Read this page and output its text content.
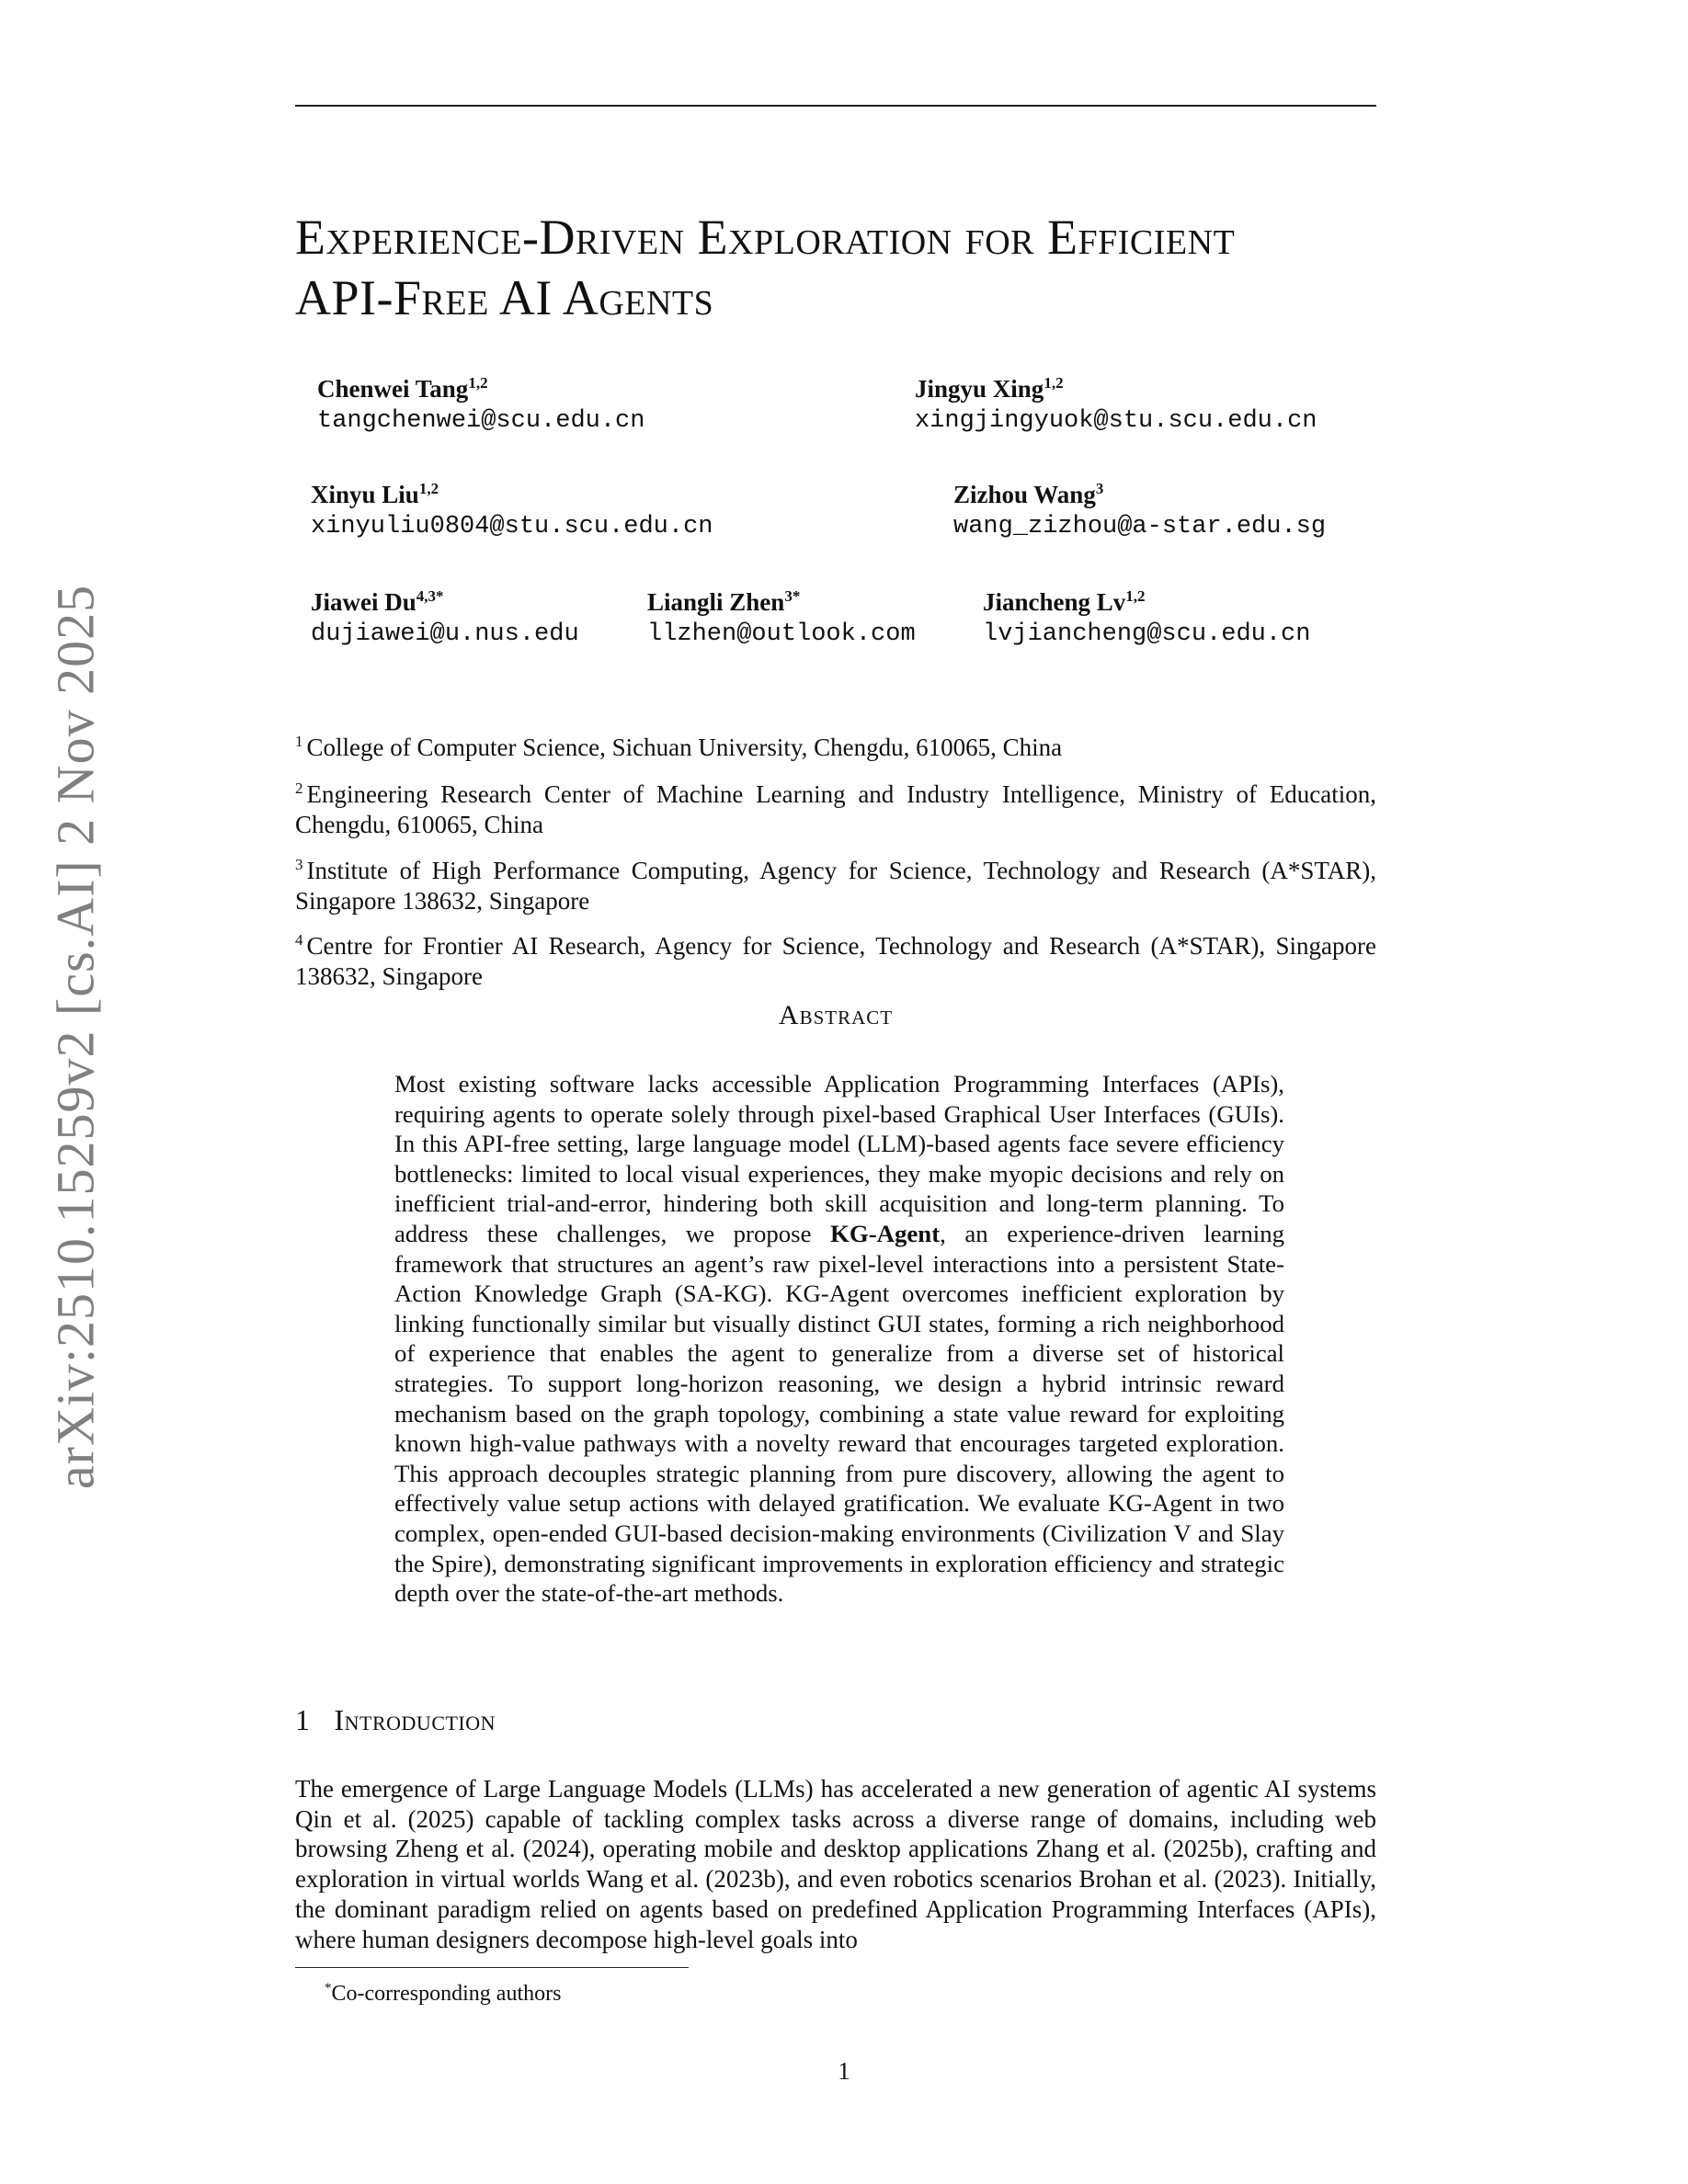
arXiv:2510.15259v2 [cs.AI] 2 Nov 2025
Experience-Driven Exploration for Efficient
API-Free AI Agents
Chenwei Tang$^{1,2}$
tangchenwei@scu.edu.cn
Jingyu Xing$^{1,2}$
xingjingyuok@stu.scu.edu.cn
Xinyu Liu$^{1,2}$
xinyuliu0804@stu.scu.edu.cn
Zizhou Wang$^3$
wang_zizhou@a-star.edu.sg
Jiawei $Du^{4,3*}$
dujiawei@u.nus.edu
Liangli Zhen$^{3*}$
llzhen@outlook.com
Jiancheng Lv$^{1,2}$
lvjiancheng@scu.edu.cn
$^1$ College of Computer Science, Sichuan University, Chengdu, 610065, China
$^2$ Engineering Research Center of Machine Learning and Industry Intelligence, Ministry of Education, Chengdu, 610065, China
$^3$ Institute of High Performance Computing, Agency for Science, Technology and Research (A*STAR), Singapore 138632, Singapore
$^4$ Centre for Frontier AI Research, Agency for Science, Technology and Research (A*STAR), Singapore 138632, Singapore
Abstract

Most existing software lacks accessible Application Programming Interfaces (APIs), requiring agents to operate solely through pixel-based Graphical User Interfaces (GUIs). In this API-free setting, large language model (LLM)-based agents face severe efficiency bottlenecks: limited to local visual experiences, they make myopic decisions and rely on inefficient trial-and-error, hindering both skill acquisition and long-term planning. To address these challenges, we propose KG-Agent, an experience-driven learning framework that structures an agent’s raw pixel-level interactions into a persistent State-Action Knowledge Graph (SA-KG). KG-Agent overcomes inefficient exploration by linking functionally similar but visually distinct GUI states, forming a rich neighborhood of experience that enables the agent to generalize from a diverse set of historical strategies. To support long-horizon reasoning, we design a hybrid intrinsic reward mechanism based on the graph topology, combining a state value reward for exploiting known high-value pathways with a novelty reward that encourages targeted exploration. This approach decouples strategic planning from pure discovery, allowing the agent to effectively value setup actions with delayed gratification. We evaluate KG-Agent in two complex, open-ended GUI-based decision-making environments (Civilization V and Slay the Spire), demonstrating significant improvements in exploration efficiency and strategic depth over the state-of-the-art methods.

1 Introduction

The emergence of Large Language Models (LLMs) has accelerated a new generation of agentic AI systems Qin et al. (2025) capable of tackling complex tasks across a diverse range of domains, including web browsing Zheng et al. (2024), operating mobile and desktop applications Zhang et al. (2025b), crafting and exploration in virtual worlds Wang et al. (2023b), and even robotics scenarios Brohan et al. (2023). Initially, the dominant paradigm relied on agents based on predefined Application Programming Interfaces (APIs), where human designers decompose high-level goals into

*Co-corresponding authors
1
